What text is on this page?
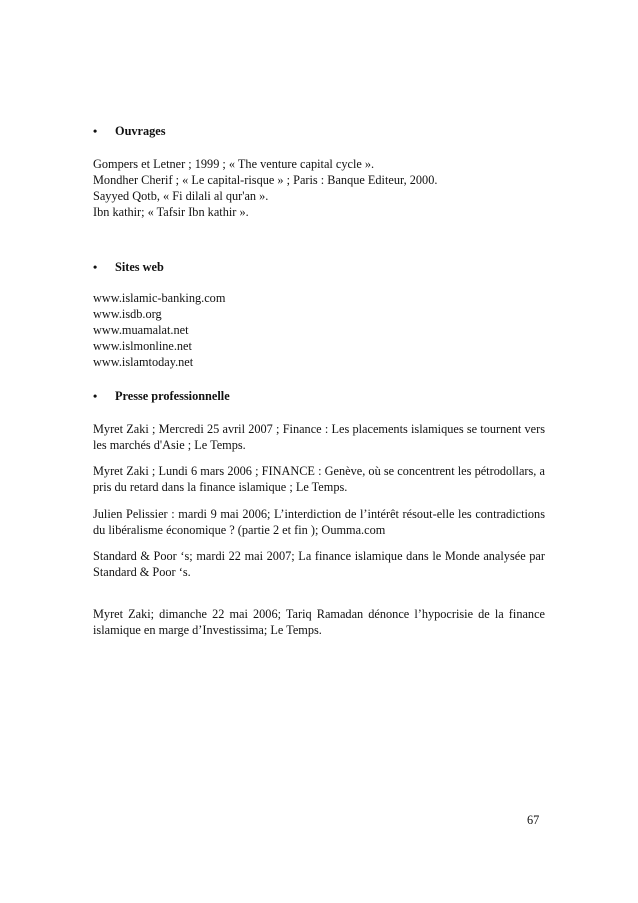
•	Ouvrages
Gompers et Letner ; 1999 ; « The venture capital cycle ».
Mondher Cherif ; « Le capital-risque » ; Paris : Banque Editeur, 2000.
Sayyed Qotb, « Fi dilali al qur'an ».
Ibn kathir; « Tafsir Ibn kathir ».
•	Sites web
www.islamic-banking.com
www.isdb.org
www.muamalat.net
www.islmonline.net
www.islamtoday.net
•	Presse professionnelle
Myret Zaki ; Mercredi 25 avril 2007 ; Finance : Les placements islamiques se tournent vers les marchés d'Asie ; Le Temps.
Myret Zaki ; Lundi 6 mars 2006 ; FINANCE : Genève, où se concentrent les pétrodollars, a pris du retard dans la finance islamique ; Le Temps.
Julien Pelissier : mardi 9 mai 2006; L’interdiction de l’intérêt résout-elle les contradictions du libéralisme économique ? (partie 2 et fin ); Oumma.com
Standard & Poor ‘s; mardi 22 mai 2007; La finance islamique dans le Monde analysée par Standard & Poor ‘s.
Myret Zaki; dimanche 22 mai 2006; Tariq Ramadan dénonce l’hypocrisie de la finance islamique en marge d’Investissima; Le Temps.
67
